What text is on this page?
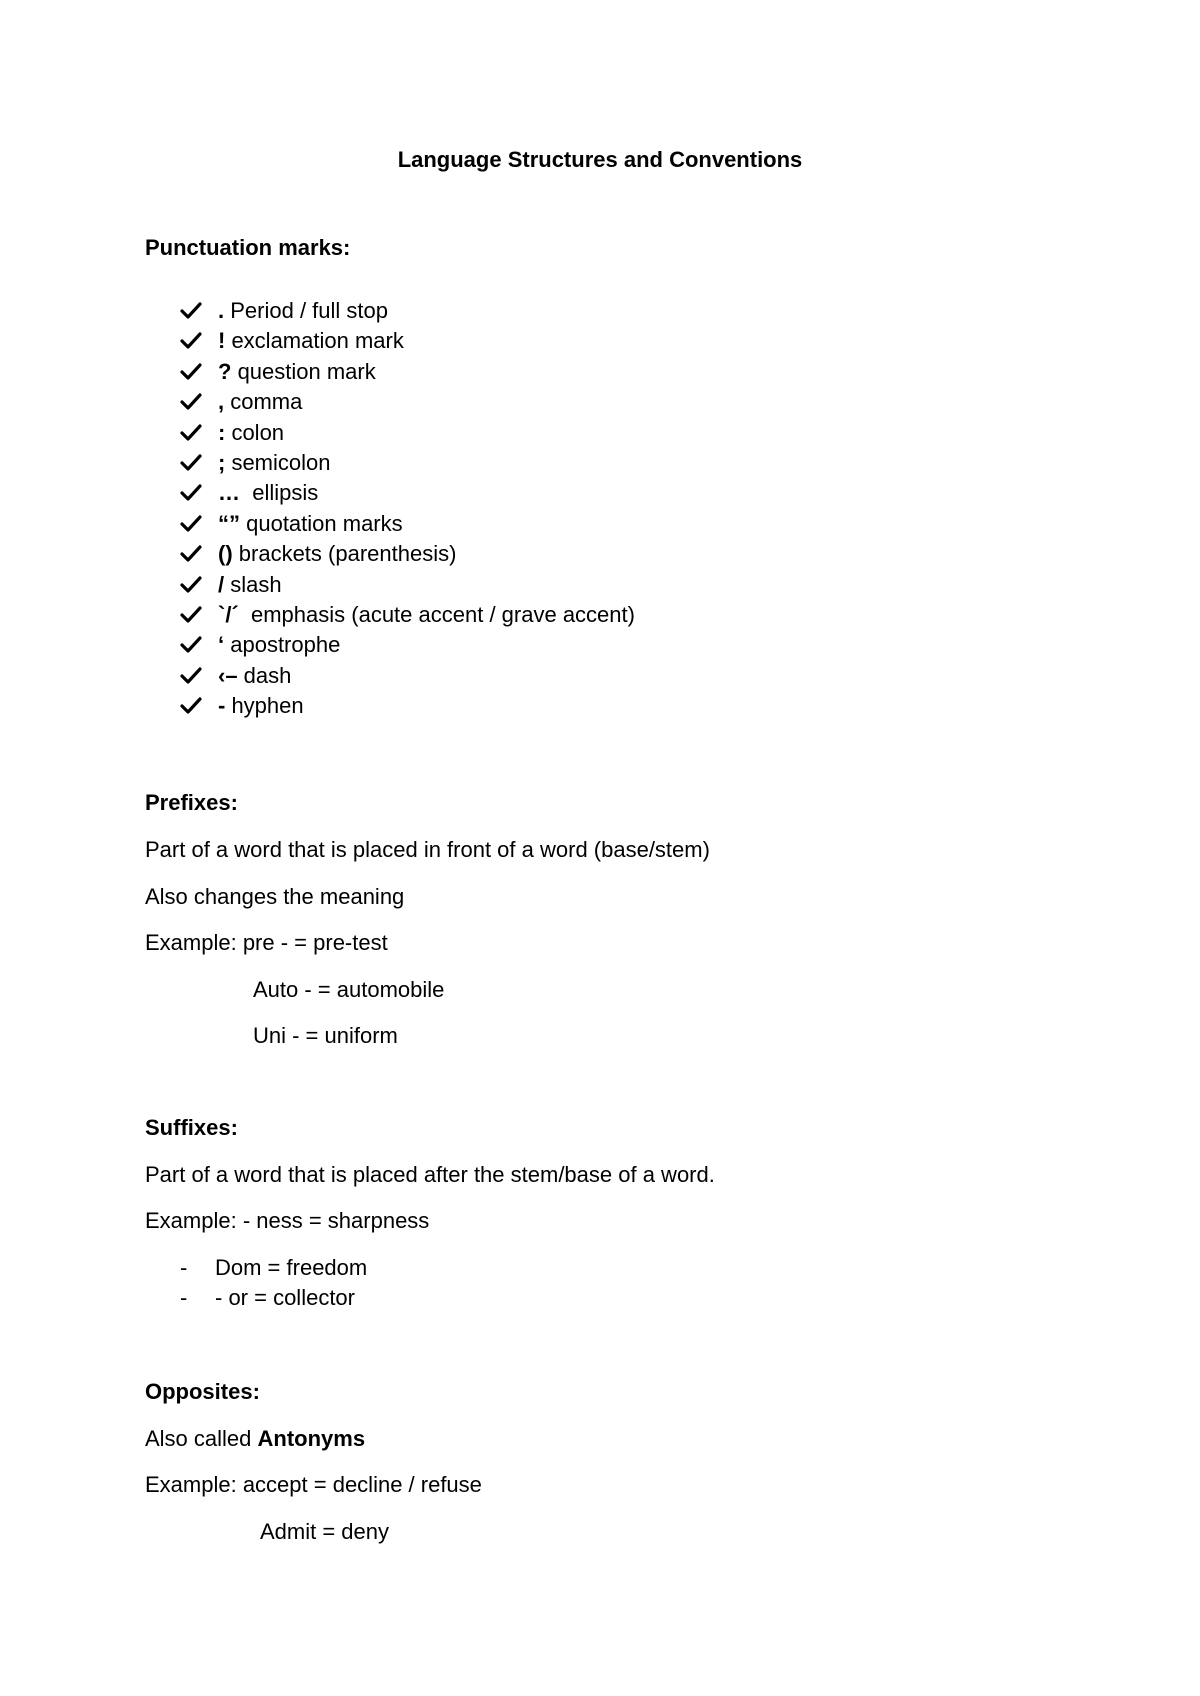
Language Structures and Conventions
Punctuation marks:
. Period / full stop
! exclamation mark
? question mark
, comma
: colon
; semicolon
…  ellipsis
“” quotation marks
() brackets (parenthesis)
/ slash
`/´  emphasis (acute accent / grave accent)
‘ apostrophe
‹– dash
- hyphen
Prefixes:
Part of a word that is placed in front of a word (base/stem)
Also changes the meaning
Example: pre - = pre-test
Auto - = automobile
Uni - = uniform
Suffixes:
Part of a word that is placed after the stem/base of a word.
Example: - ness = sharpness
- Dom = freedom
- - or = collector
Opposites:
Also called Antonyms
Example: accept = decline / refuse
Admit = deny
